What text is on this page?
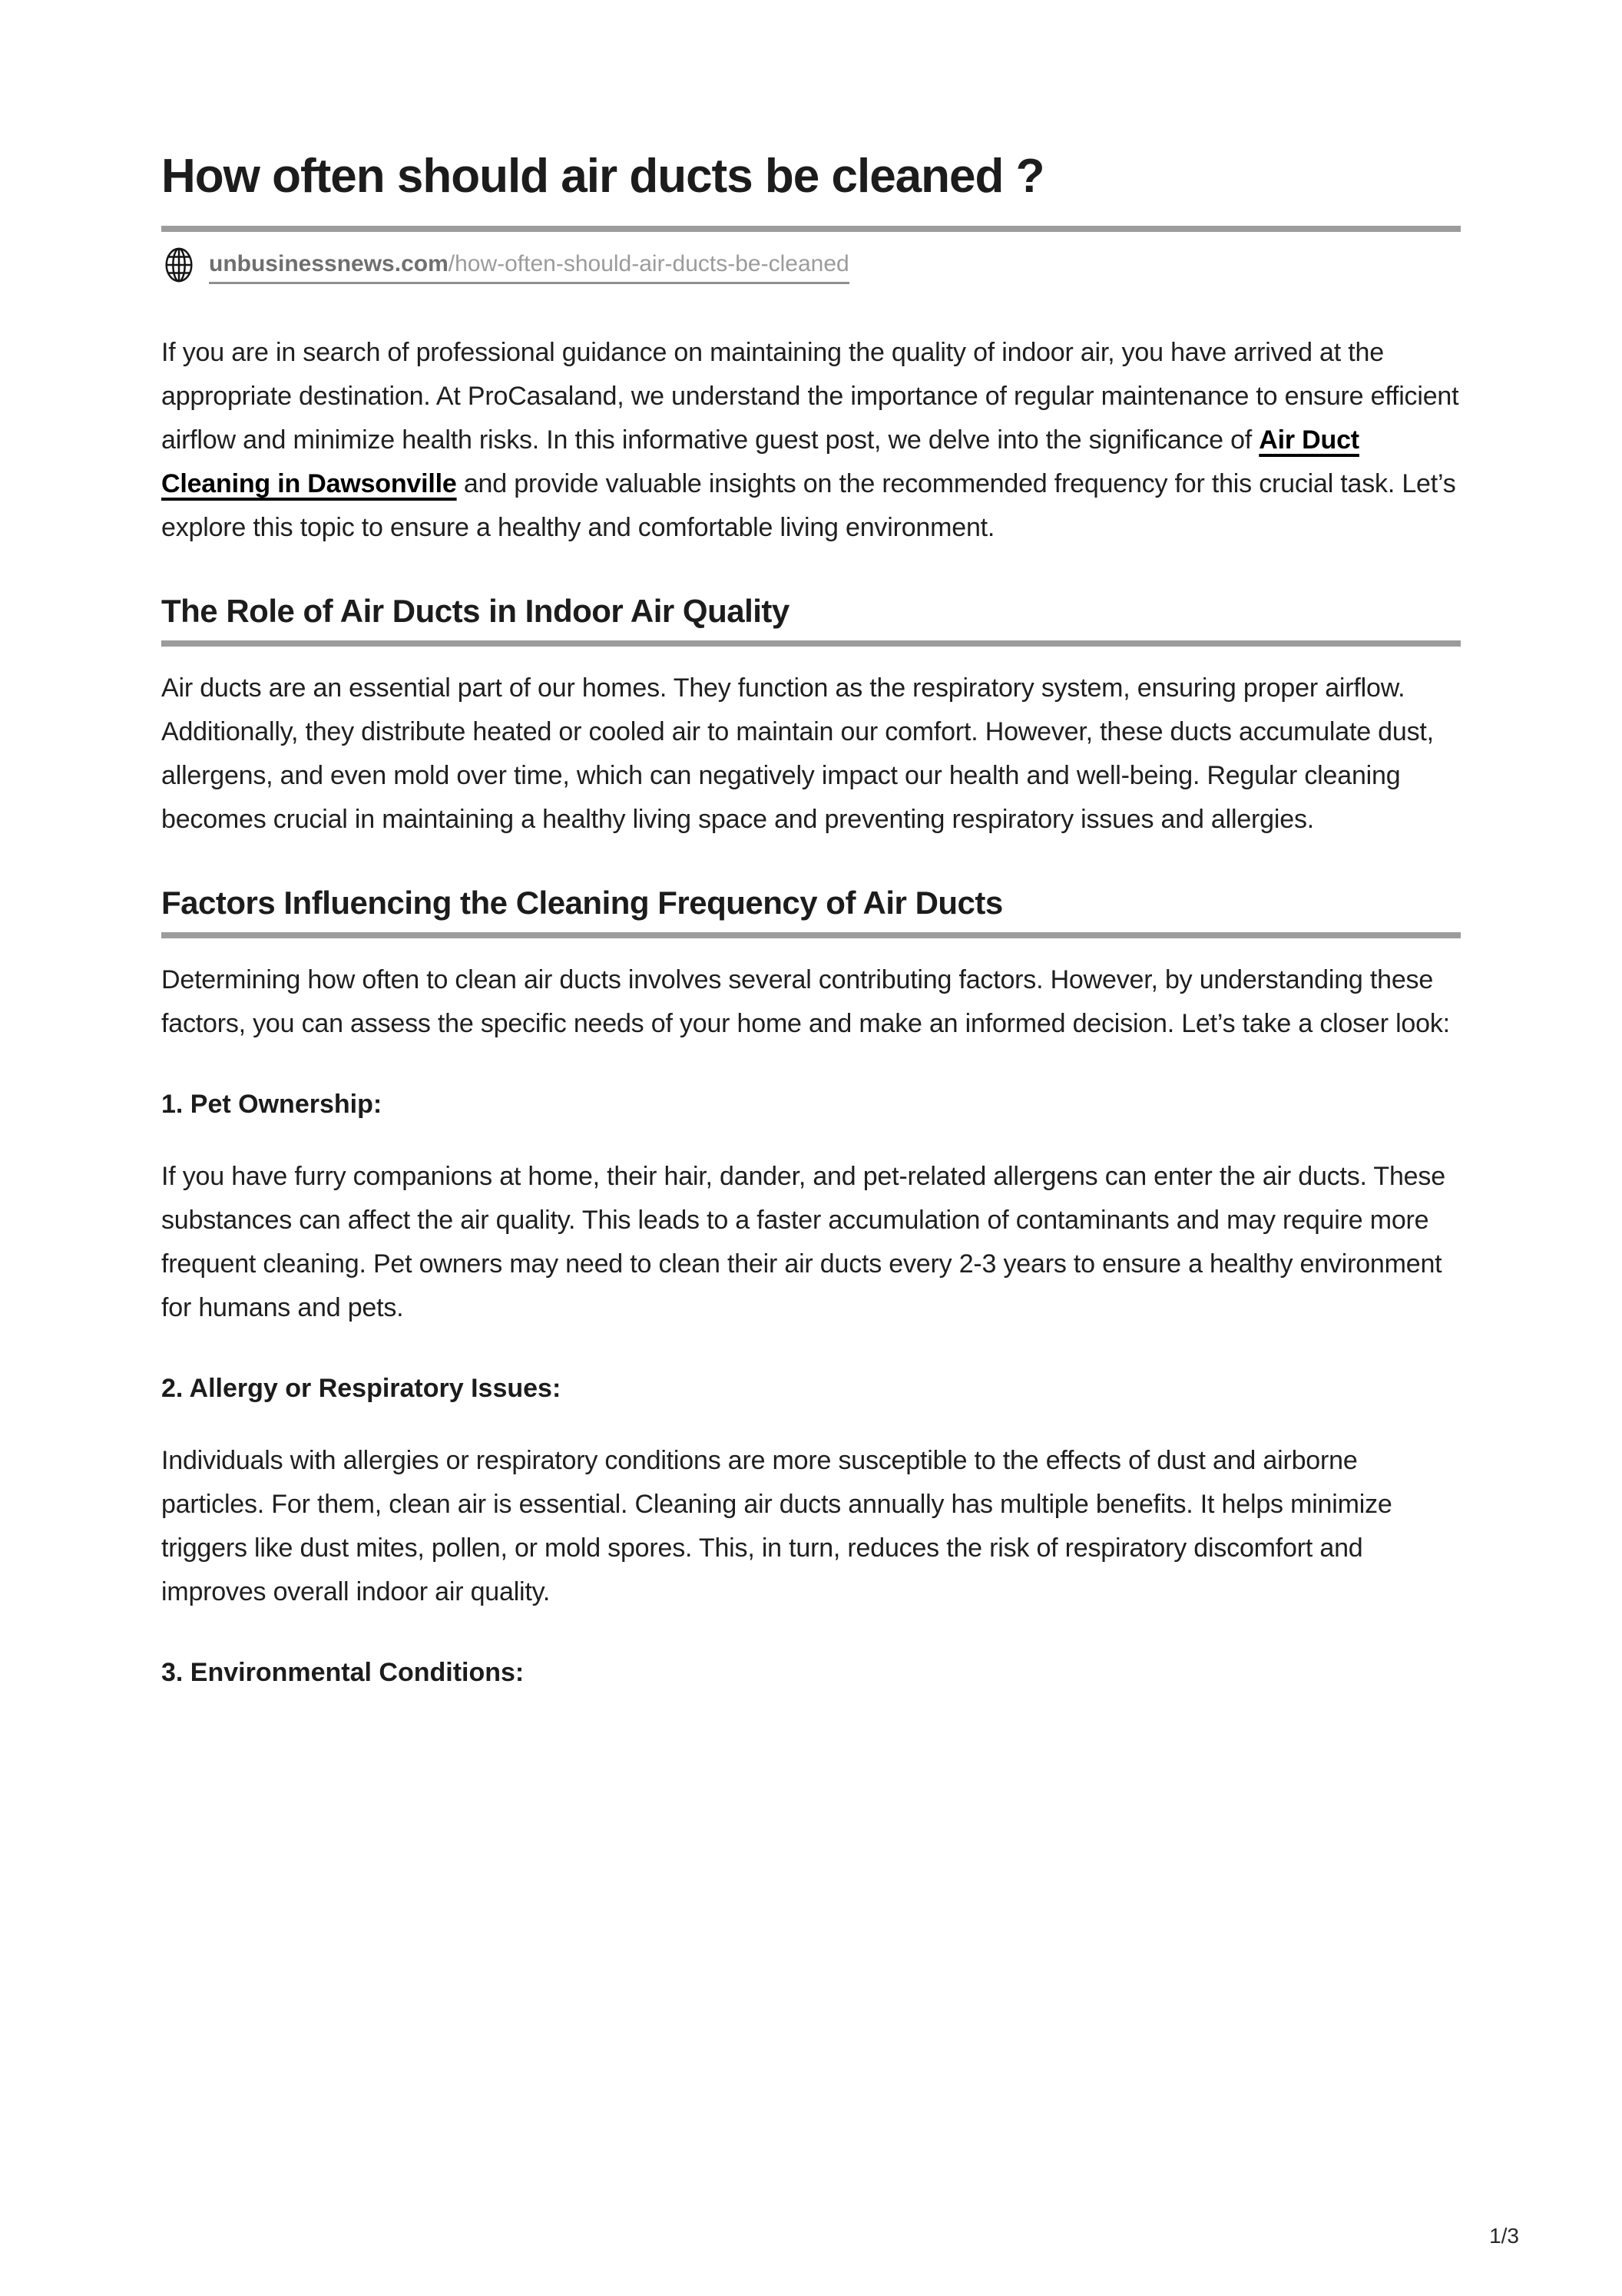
How often should air ducts be cleaned ?
unbusinessnews.com/how-often-should-air-ducts-be-cleaned

If you are in search of professional guidance on maintaining the quality of indoor air, you have arrived at the appropriate destination. At ProCasaland, we understand the importance of regular maintenance to ensure efficient airflow and minimize health risks. In this informative guest post, we delve into the significance of Air Duct Cleaning in Dawsonville and provide valuable insights on the recommended frequency for this crucial task. Let’s explore this topic to ensure a healthy and comfortable living environment.

The Role of Air Ducts in Indoor Air Quality

Air ducts are an essential part of our homes. They function as the respiratory system, ensuring proper airflow. Additionally, they distribute heated or cooled air to maintain our comfort. However, these ducts accumulate dust, allergens, and even mold over time, which can negatively impact our health and well-being. Regular cleaning becomes crucial in maintaining a healthy living space and preventing respiratory issues and allergies.

Factors Influencing the Cleaning Frequency of Air Ducts

Determining how often to clean air ducts involves several contributing factors. However, by understanding these factors, you can assess the specific needs of your home and make an informed decision. Let’s take a closer look:

1. Pet Ownership:

If you have furry companions at home, their hair, dander, and pet-related allergens can enter the air ducts. These substances can affect the air quality. This leads to a faster accumulation of contaminants and may require more frequent cleaning. Pet owners may need to clean their air ducts every 2-3 years to ensure a healthy environment for humans and pets.

2. Allergy or Respiratory Issues:

Individuals with allergies or respiratory conditions are more susceptible to the effects of dust and airborne particles. For them, clean air is essential. Cleaning air ducts annually has multiple benefits. It helps minimize triggers like dust mites, pollen, or mold spores. This, in turn, reduces the risk of respiratory discomfort and improves overall indoor air quality.

3. Environmental Conditions:
1/3
